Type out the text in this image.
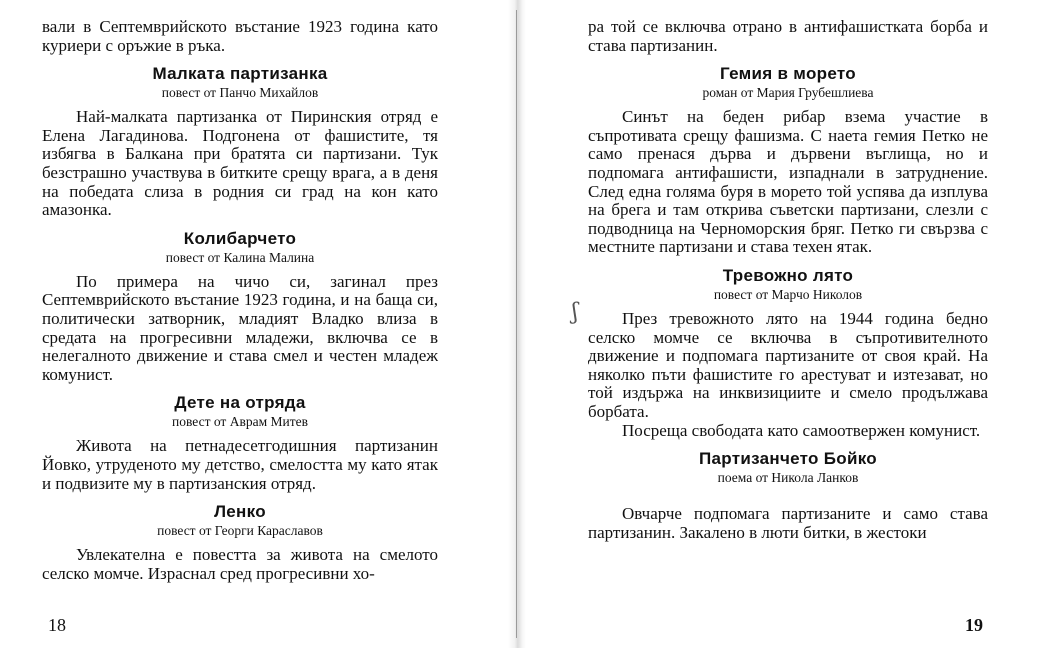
вали в Септемврийското въстание 1923 година като куриери с оръжие в ръка.

Малката партизанка
повест от Панчо Михайлов

Най-малката партизанка от Пиринския отряд е Елена Лагадинова. Подгонена от фашистите, тя избягва в Балкана при братята си партизани. Тук безстрашно участвува в битките срещу врага, а в деня на победата слиза в родния си град на кон като амазонка.

Колибарчето
повест от Калина Малина

По примера на чичо си, загинал през Септемврийското въстание 1923 година, и на баща си, политически затворник, младият Владко влиза в средата на прогресивни младежи, включва се в нелегалното движение и става смел и честен младеж комунист.

Дете на отряда
повест от Аврам Митев

Живота на петнадесетгодишния партизанин Йовко, утруденото му детство, смелостта му като ятак и подвизите му в партизанския отряд.

Ленко
повест от Георги Караславов

Увлекателна е повестта за живота на смелото селско момче. Израснал сред прогресивни хо-

18
ʃ

ра той се включва отрано в антифашистката борба и става партизанин.

Гемия в морето
роман от Мария Грубешлиева

Синът на беден рибар взема участие в съпротивата срещу фашизма. С наета гемия Петко не само пренася дърва и дървени въглища, но и подпомага антифашисти, изпаднали в затруднение. След една голяма буря в морето той успява да изплува на брега и там открива съветски партизани, слезли с подводница на Черноморския бряг. Петко ги свързва с местните партизани и става техен ятак.

Тревожно лято
повест от Марчо Николов

През тревожното лято на 1944 година бедно селско момче се включва в съпротивителното движение и подпомага партизаните от своя край. На няколко пъти фашистите го арестуват и изтезават, но той издържа на инквизициите и смело продължава борбата.

Посреща свободата като самоотвержен комунист.

Партизанчето Бойко
поема от Никола Ланков

Овчарче подпомага партизаните и само става партизанин. Закалено в люти битки, в жестоки

19
